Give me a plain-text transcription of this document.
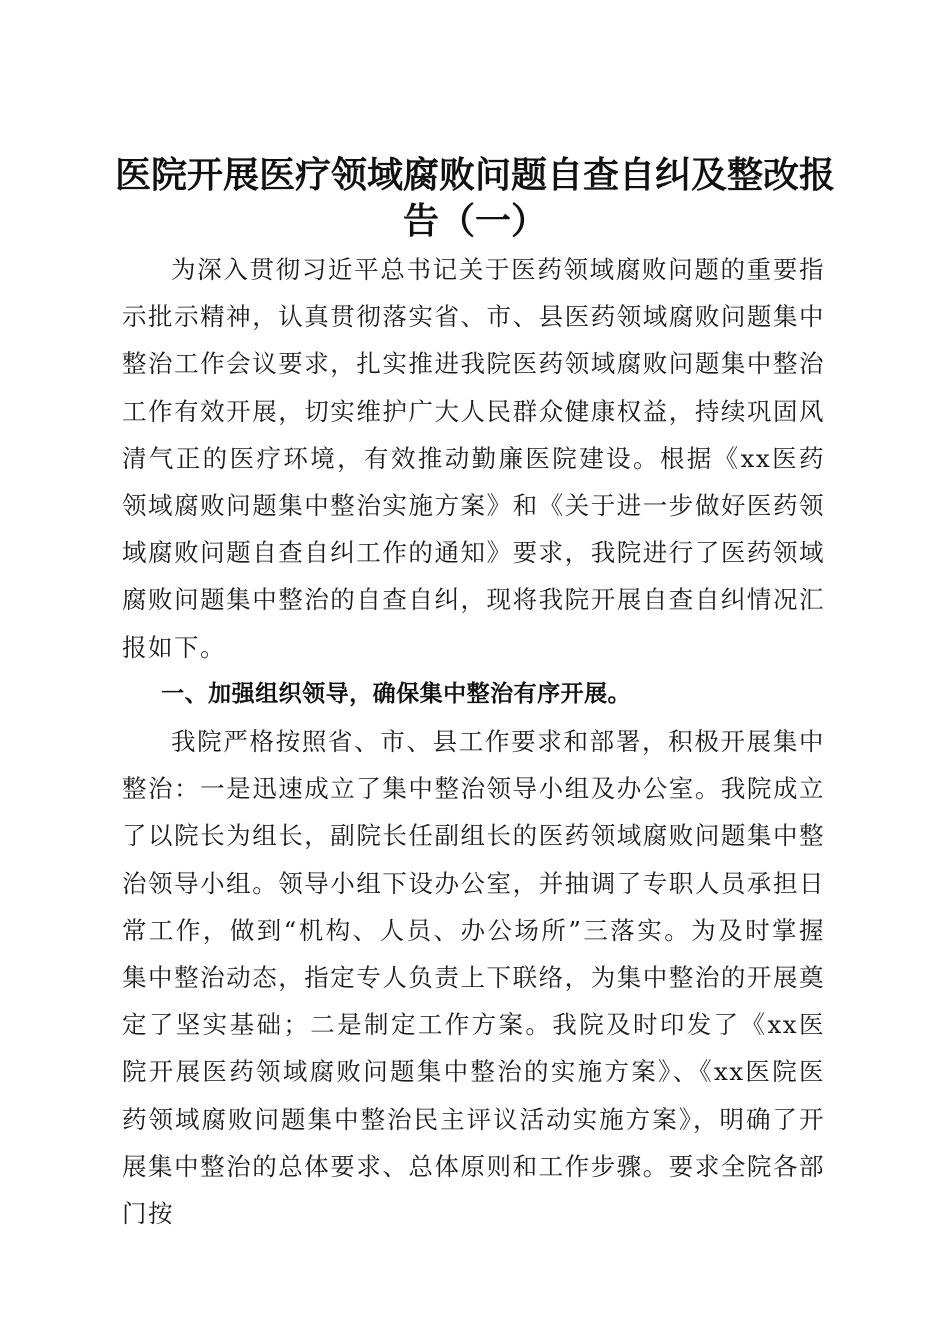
医院开展医疗领域腐败问题自查自纠及整改报告（一）

为深入贯彻习近平总书记关于医药领域腐败问题的重要指示批示精神，认真贯彻落实省、市、县医药领域腐败问题集中整治工作会议要求，扎实推进我院医药领域腐败问题集中整治工作有效开展，切实维护广大人民群众健康权益，持续巩固风清气正的医疗环境，有效推动勤廉医院建设。根据《xx医药领域腐败问题集中整治实施方案》和《关于进一步做好医药领域腐败问题自查自纠工作的通知》要求，我院进行了医药领域腐败问题集中整治的自查自纠，现将我院开展自查自纠情况汇报如下。

一、加强组织领导，确保集中整治有序开展。

我院严格按照省、市、县工作要求和部署，积极开展集中整治：一是迅速成立了集中整治领导小组及办公室。我院成立了以院长为组长，副院长任副组长的医药领域腐败问题集中整治领导小组。领导小组下设办公室，并抽调了专职人员承担日常工作，做到“机构、人员、办公场所”三落实。为及时掌握集中整治动态，指定专人负责上下联络，为集中整治的开展奠定了坚实基础；二是制定工作方案。我院及时印发了《xx医院开展医药领域腐败问题集中整治的实施方案》、《xx医院医药领域腐败问题集中整治民主评议活动实施方案》，明确了开展集中整治的总体要求、总体原则和工作步骤。要求全院各部门按
